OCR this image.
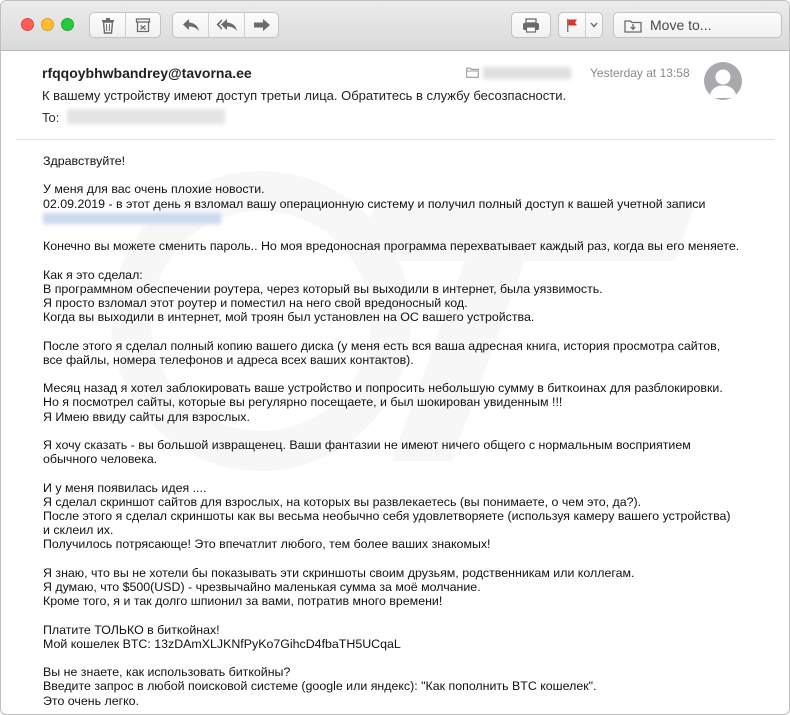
Move to...
rfqqoybhwbandrey@tavorna.ee
К вашему устройству имеют доступ третьи лица. Обратитесь в службу бесозпасности.
To:
Yesterday at 13:58

Здравствуйте!

У меня для вас очень плохие новости.
02.09.2019 - в этот день я взломал вашу операционную систему и получил полный доступ к вашей учетной записи

Конечно вы можете сменить пароль.. Но моя вредоносная программа перехватывает каждый раз, когда вы его меняете.

Как я это сделал:
В программном обеспечении роутера, через который вы выходили в интернет, была уязвимость.
Я просто взломал этот роутер и поместил на него свой вредоносный код.
Когда вы выходили в интернет, мой троян был установлен на ОС вашего устройства.

После этого я сделал полный копию вашего диска (у меня есть вся ваша адресная книга, история просмотра сайтов,
все файлы, номера телефонов и адреса всех ваших контактов).

Месяц назад я хотел заблокировать ваше устройство и попросить небольшую сумму в биткоинах для разблокировки.
Но я посмотрел сайты, которые вы регулярно посещаете, и был шокирован увиденным !!!
Я Имею ввиду сайты для взрослых.

Я хочу сказать - вы большой извращенец. Ваши фантазии не имеют ничего общего с нормальным восприятием
обычного человека.

И у меня появилась идея ....
Я сделал скриншот сайтов для взрослых, на которых вы развлекаетесь (вы понимаете, о чем это, да?).
После этого я сделал скриншоты как вы весьма необычно себя удовлетворяете (используя камеру вашего устройства)
и склеил их.
Получилось потрясающе! Это впечатлит любого, тем более ваших знакомых!

Я знаю, что вы не хотели бы показывать эти скриншоты своим друзьям, родственникам или коллегам.
Я думаю, что $500(USD) - чрезвычайно маленькая сумма за моё молчание.
Кроме того, я и так долго шпионил за вами, потратив много времени!

Платите ТОЛЬКО в биткойнах!
Мой кошелек BTC: 13zDAmXLJKNfPyKo7GihcD4fbaTH5UCqaL

Вы не знаете, как использовать биткойны?
Введите запрос в любой поисковой системе (google или яндекс): "Как пополнить BTC кошелек".
Это очень легко.
